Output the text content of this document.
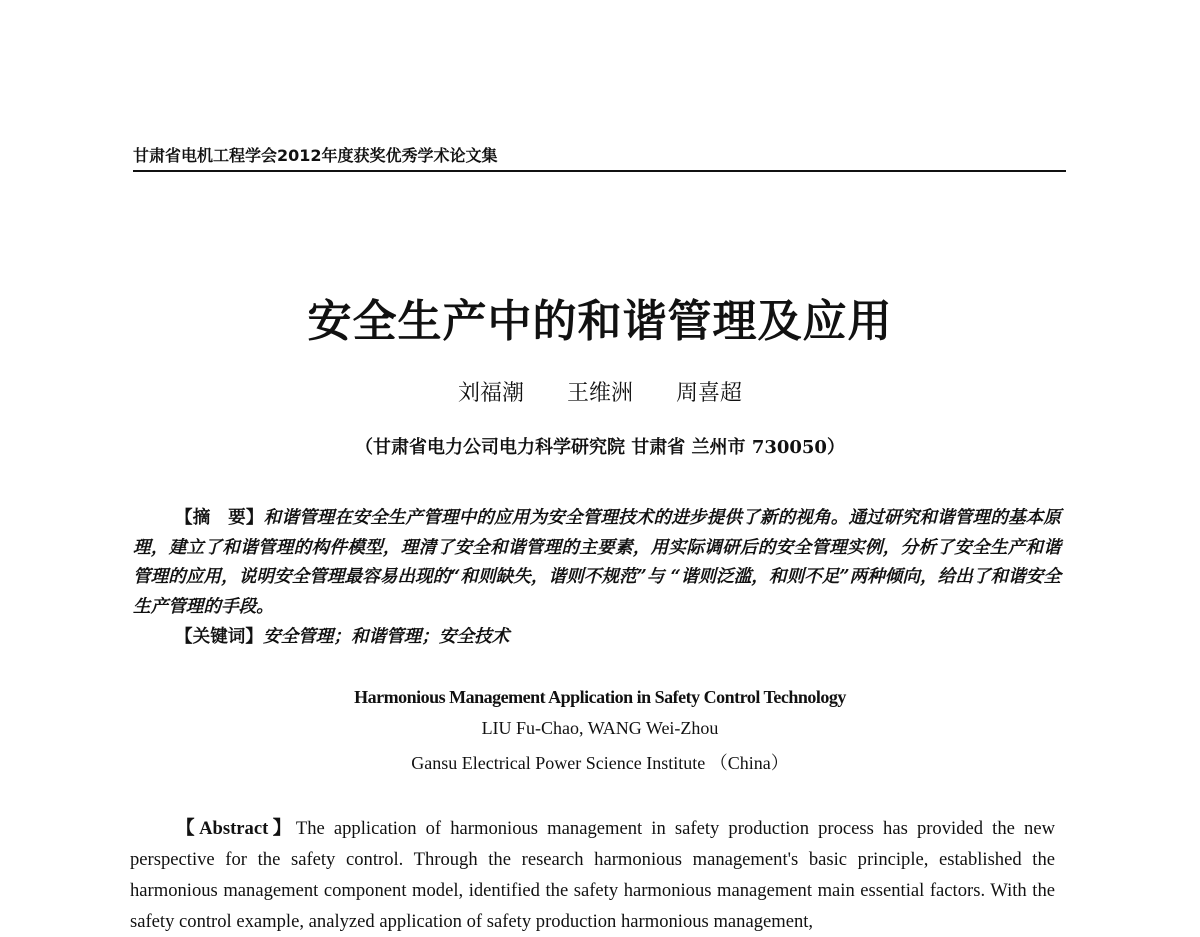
甘肃省电机工程学会2012年度获奖优秀学术论文集
安全生产中的和谐管理及应用
刘福潮 王维洲 周喜超
（甘肃省电力公司电力科学研究院 甘肃省 兰州市 730050）
【摘　要】和谐管理在安全生产管理中的应用为安全管理技术的进步提供了新的视角。通过研究和谐管理的基本原理，建立了和谐管理的构件模型，理清了安全和谐管理的主要素，用实际调研后的安全管理实例，分析了安全生产和谐管理的应用，说明安全管理最容易出现的“和则缺失，谐则不规范”与 “谐则泛滥，和则不足”两种倾向，给出了和谐安全生产管理的手段。
【关键词】安全管理；和谐管理；安全技术
Harmonious Management Application in Safety Control Technology
LIU Fu-Chao, WANG Wei-Zhou
Gansu Electrical Power Science Institute （China）
【Abstract】The application of harmonious management in safety production process has provided the new perspective for the safety control. Through the research harmonious management's basic principle, established the harmonious management component model, identified the safety harmonious management main essential factors. With the safety control example, analyzed application of safety production harmonious management,
